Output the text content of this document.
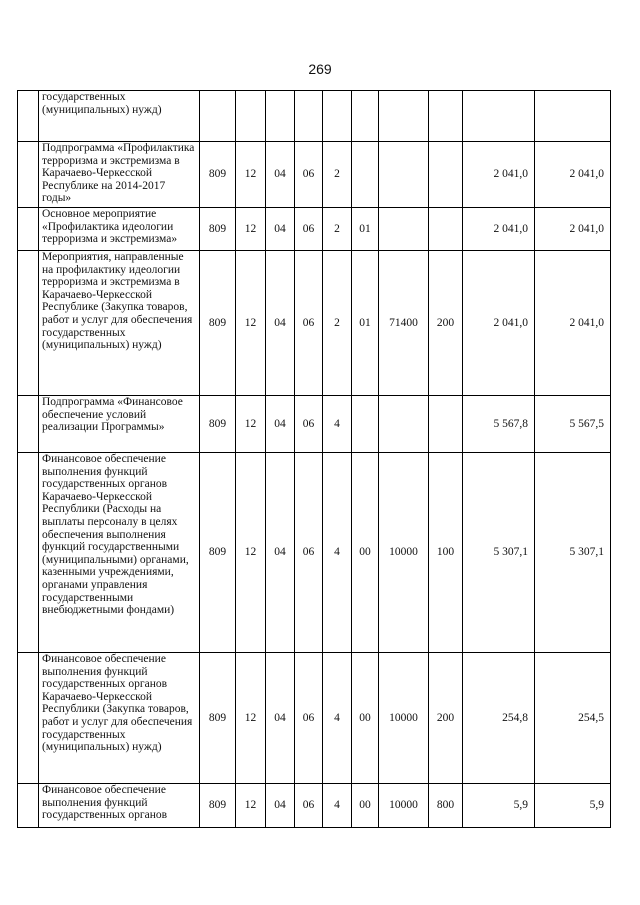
269
	государственных (муниципальных) нужд)										
	Подпрограмма «Профилактика терроризма и экстремизма в Карачаево-Черкесской Республике на 2014-2017 годы»	809	12	04	06	2				2 041,0	2 041,0
	Основное мероприятие «Профилактика идеологии терроризма и экстремизма»	809	12	04	06	2	01			2 041,0	2 041,0
	Мероприятия, направленные на профилактику идеологии терроризма и экстремизма в Карачаево-Черкесской Республике (Закупка товаров, работ и услуг для обеспечения государственных (муниципальных) нужд)	809	12	04	06	2	01	71400	200	2 041,0	2 041,0
	Подпрограмма «Финансовое обеспечение условий реализации Программы»	809	12	04	06	4				5 567,8	5 567,5
	Финансовое обеспечение выполнения функций государственных органов Карачаево-Черкесской Республики (Расходы на выплаты персоналу в целях обеспечения выполнения функций государственными (муниципальными) органами, казенными учреждениями, органами управления государственными внебюджетными фондами)	809	12	04	06	4	00	10000	100	5 307,1	5 307,1
	Финансовое обеспечение выполнения функций государственных органов Карачаево-Черкесской Республики (Закупка товаров, работ и услуг для обеспечения государственных (муниципальных) нужд)	809	12	04	06	4	00	10000	200	254,8	254,5
	Финансовое обеспечение выполнения функций государственных органов	809	12	04	06	4	00	10000	800	5,9	5,9
